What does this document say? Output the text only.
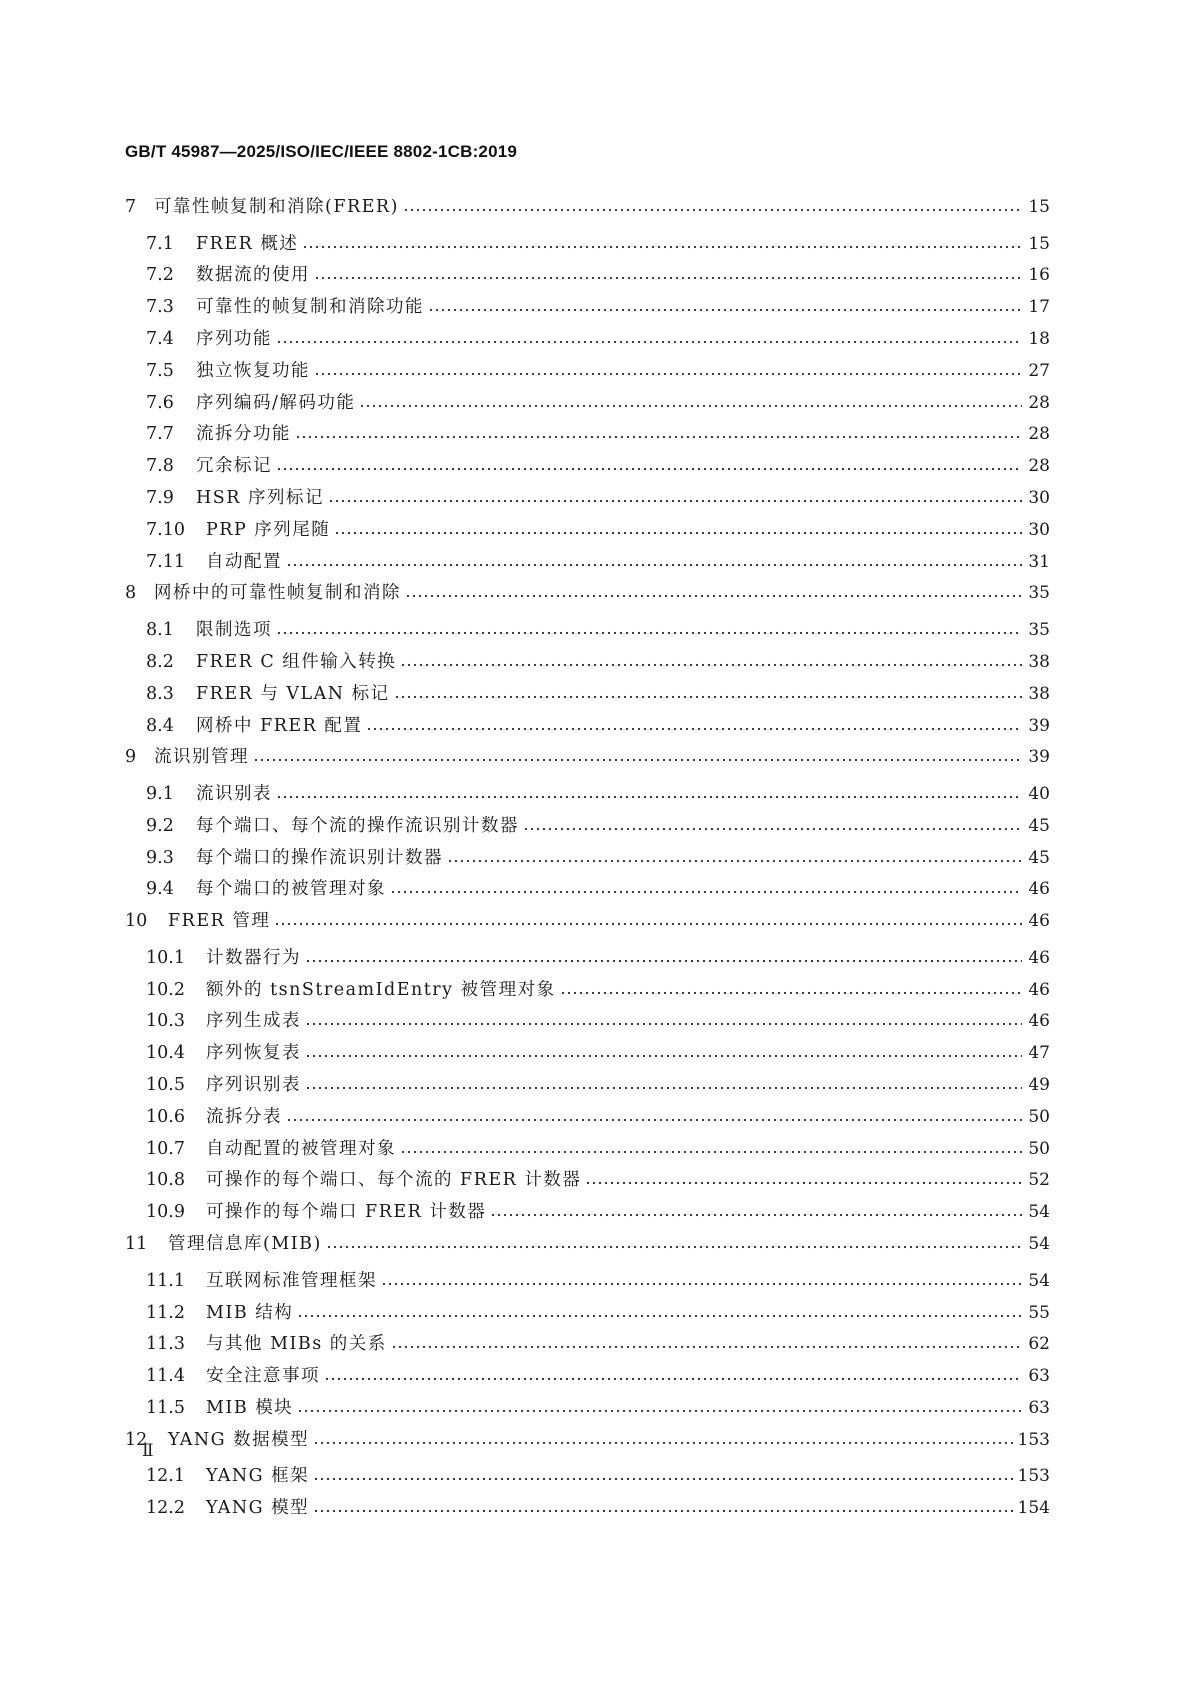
GB/T 45987—2025/ISO/IEC/IEEE 8802-1CB:2019
7	可靠性帧复制和消除(FRER)	15
7.1	FRER 概述	15
7.2	数据流的使用	16
7.3	可靠性的帧复制和消除功能	17
7.4	序列功能	18
7.5	独立恢复功能	27
7.6	序列编码/解码功能	28
7.7	流拆分功能	28
7.8	冗余标记	28
7.9	HSR 序列标记	30
7.10	PRP 序列尾随	30
7.11	自动配置	31
8	网桥中的可靠性帧复制和消除	35
8.1	限制选项	35
8.2	FRER C 组件输入转换	38
8.3	FRER 与 VLAN 标记	38
8.4	网桥中 FRER 配置	39
9	流识别管理	39
9.1	流识别表	40
9.2	每个端口、每个流的操作流识别计数器	45
9.3	每个端口的操作流识别计数器	45
9.4	每个端口的被管理对象	46
10	FRER 管理	46
10.1	计数器行为	46
10.2	额外的 tsnStreamIdEntry 被管理对象	46
10.3	序列生成表	46
10.4	序列恢复表	47
10.5	序列识别表	49
10.6	流拆分表	50
10.7	自动配置的被管理对象	50
10.8	可操作的每个端口、每个流的 FRER 计数器	52
10.9	可操作的每个端口 FRER 计数器	54
11	管理信息库(MIB)	54
11.1	互联网标准管理框架	54
11.2	MIB 结构	55
11.3	与其他 MIBs 的关系	62
11.4	安全注意事项	63
11.5	MIB 模块	63
12	YANG 数据模型	153
12.1	YANG 框架	153
12.2	YANG 模型	154
Ⅱ
